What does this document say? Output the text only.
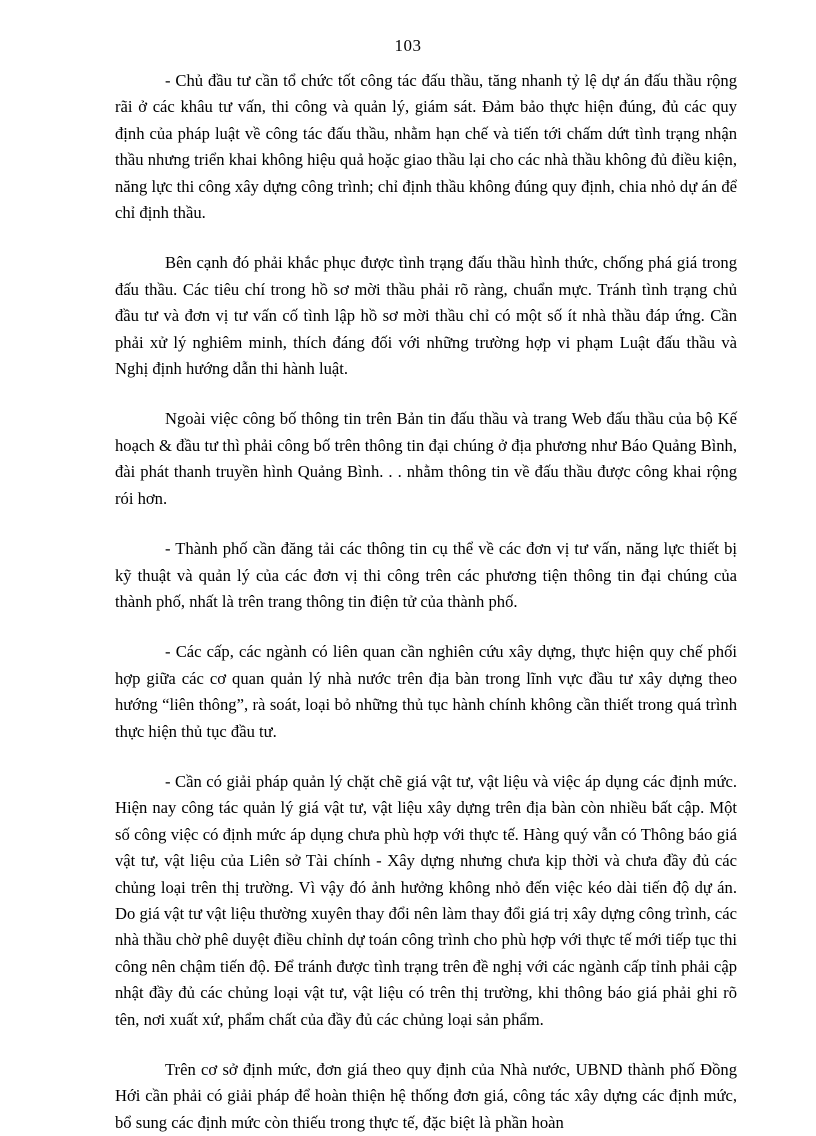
103

- Chủ đầu tư cần tổ chức tốt công tác đấu thầu, tăng nhanh tỷ lệ dự án đấu thầu rộng rãi ở các khâu tư vấn, thi công và quản lý, giám sát. Đảm bảo thực hiện đúng, đủ các quy định của pháp luật về công tác đấu thầu, nhằm hạn chế và tiến tới chấm dứt tình trạng nhận thầu nhưng triển khai không hiệu quả hoặc giao thầu lại cho các nhà thầu không đủ điều kiện, năng lực thi công xây dựng công trình; chỉ định thầu không đúng quy định, chia nhỏ dự án để chỉ định thầu.

Bên cạnh đó phải khắc phục được tình trạng đấu thầu hình thức, chống phá giá trong đấu thầu. Các tiêu chí trong hồ sơ mời thầu phải rõ ràng, chuẩn mực. Tránh tình trạng chủ đầu tư và đơn vị tư vấn cố tình lập hồ sơ mời thầu chỉ có một số ít nhà thầu đáp ứng. Cần phải xử lý nghiêm minh, thích đáng đối với những trường hợp vi phạm Luật đấu thầu và Nghị định hướng dẫn thi hành luật.

Ngoài việc công bố thông tin trên Bản tin đấu thầu và trang Web đấu thầu của bộ Kế hoạch & đầu tư thì phải công bố trên thông tin đại chúng ở địa phương như Báo Quảng Bình, đài phát thanh truyền hình Quảng Bình. . . nhằm thông tin về đấu thầu được công khai rộng rói hơn.

- Thành phố cần đăng tải các thông tin cụ thể về các đơn vị tư vấn, năng lực thiết bị kỹ thuật và quản lý của các đơn vị thi công trên các phương tiện thông tin đại chúng của thành phố, nhất là trên trang thông tin điện tử của thành phố.

- Các cấp, các ngành có liên quan cần nghiên cứu xây dựng, thực hiện quy chế phối hợp giữa các cơ quan quản lý nhà nước trên địa bàn trong lĩnh vực đầu tư xây dựng theo hướng “liên thông”, rà soát, loại bỏ những thủ tục hành chính không cần thiết trong quá trình thực hiện thủ tục đầu tư.

- Cần có giải pháp quản lý chặt chẽ giá vật tư, vật liệu và việc áp dụng các định mức. Hiện nay công tác quản lý giá vật tư, vật liệu xây dựng trên địa bàn còn nhiều bất cập. Một số công việc có định mức áp dụng chưa phù hợp với thực tế. Hàng quý vẫn có Thông báo giá vật tư, vật liệu của Liên sở Tài chính - Xây dựng nhưng chưa kịp thời và chưa đầy đủ các chủng loại trên thị trường. Vì vậy đó ảnh hưởng không nhỏ đến việc kéo dài tiến độ dự án. Do giá vật tư vật liệu thường xuyên thay đổi nên làm thay đổi giá trị xây dựng công trình, các nhà thầu chờ phê duyệt điều chỉnh dự toán công trình cho phù hợp với thực tế mới tiếp tục thi công nên chậm tiến độ. Để tránh được tình trạng trên đề nghị với các ngành cấp tỉnh phải cập nhật đầy đủ các chủng loại vật tư, vật liệu có trên thị trường, khi thông báo giá phải ghi rõ tên, nơi xuất xứ, phẩm chất của đầy đủ các chủng loại sản phẩm.

Trên cơ sở định mức, đơn giá theo quy định của Nhà nước, UBND thành phố Đồng Hới cần phải có giải pháp để hoàn thiện hệ thống đơn giá, công tác xây dựng các định mức, bổ sung các định mức còn thiếu trong thực tế, đặc biệt là phần hoàn
